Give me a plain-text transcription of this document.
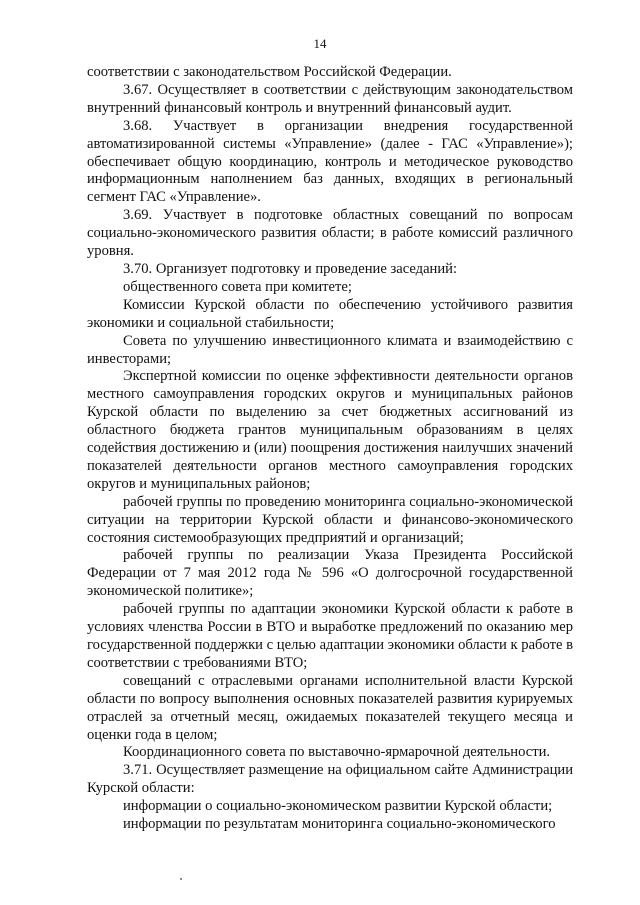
14

соответствии с законодательством Российской Федерации.

3.67. Осуществляет в соответствии с действующим законодательством внутренний финансовый контроль и внутренний финансовый аудит.

3.68. Участвует в организации внедрения государственной автоматизированной системы «Управление» (далее - ГАС «Управление»); обеспечивает общую координацию, контроль и методическое руководство информационным наполнением баз данных, входящих в региональный сегмент ГАС «Управление».

3.69. Участвует в подготовке областных совещаний по вопросам социально-экономического развития области; в работе комиссий различного уровня.

3.70. Организует подготовку и проведение заседаний:

общественного совета при комитете;

Комиссии Курской области по обеспечению устойчивого развития экономики и социальной стабильности;

Совета по улучшению инвестиционного климата и взаимодействию с инвесторами;

Экспертной комиссии по оценке эффективности деятельности органов местного самоуправления городских округов и муниципальных районов Курской области по выделению за счет бюджетных ассигнований из областного бюджета грантов муниципальным образованиям в целях содействия достижению и (или) поощрения достижения наилучших значений показателей деятельности органов местного самоуправления городских округов и муниципальных районов;

рабочей группы по проведению мониторинга социально-экономической ситуации на территории Курской области и финансово-экономического состояния системообразующих предприятий и организаций;

рабочей группы по реализации Указа Президента Российской Федерации от 7 мая 2012 года № 596 «О долгосрочной государственной экономической политике»;

рабочей группы по адаптации экономики Курской области к работе в условиях членства России в ВТО и выработке предложений по оказанию мер государственной поддержки с целью адаптации экономики области к работе в соответствии с требованиями ВТО;

совещаний с отраслевыми органами исполнительной власти Курской области по вопросу выполнения основных показателей развития курируемых отраслей за отчетный месяц, ожидаемых показателей текущего месяца и оценки года в целом;

Координационного совета по выставочно-ярмарочной деятельности.

3.71. Осуществляет размещение на официальном сайте Администрации Курской области:

информации о социально-экономическом развитии Курской области;

информации по результатам мониторинга социально-экономического
